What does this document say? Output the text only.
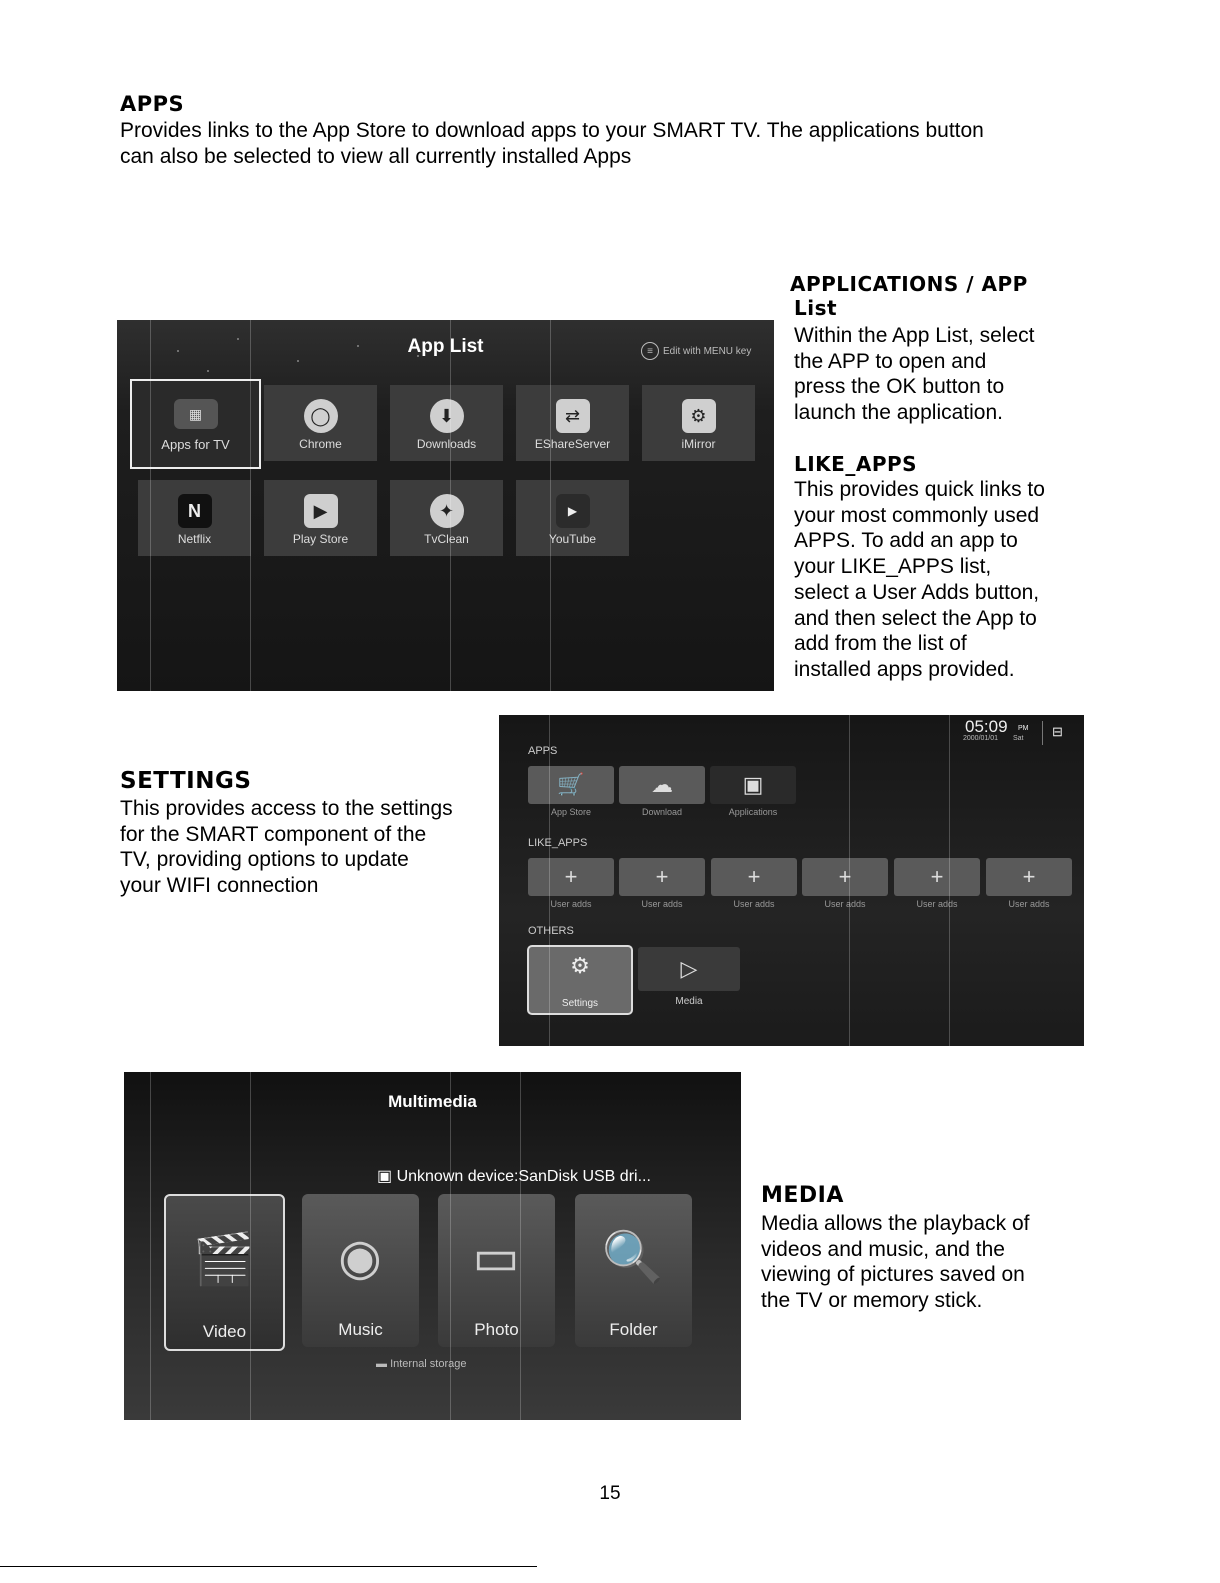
APPS
Provides links to the App Store to download apps to your SMART TV. The applications button
can also be selected to view all currently installed Apps
APPLICATIONS / APP
List
Within the App List, select
the APP to open and
press the OK button to
launch the application.
LIKE_APPS
This provides quick links to
your most commonly used
APPS. To add an app to
your LIKE_APPS list,
select a User Adds button,
and then select the App to
add from the list of
installed apps provided.
App List	≡	Edit with MENU key
▦
Apps for TV
◯
Chrome
⬇
Downloads
⇄
EShareServer
⚙
iMirror
N
Netflix
▶
Play Store
✦
TvClean
▶
YouTube
SETTINGS
This provides access to the settings
for the SMART component of the
TV, providing options to update
your WIFI connection
05:09 PM
2000/01/01 Sat ⊟
APPS
🛒
App Store
☁
Download
▣
Applications
LIKE_APPS
+
User adds
+
User adds
+
User adds
+
User adds
+
User adds
+
User adds
OTHERS
⚙
Settings
▷
Media
MEDIA
Media allows the playback of
videos and music, and the
viewing of pictures saved on
the TV or memory stick.
Multimedia
▣ Unknown device:SanDisk USB dri...
🎬
Video
◉
Music
▭
Photo
🔍
Folder
▬ Internal storage
15
